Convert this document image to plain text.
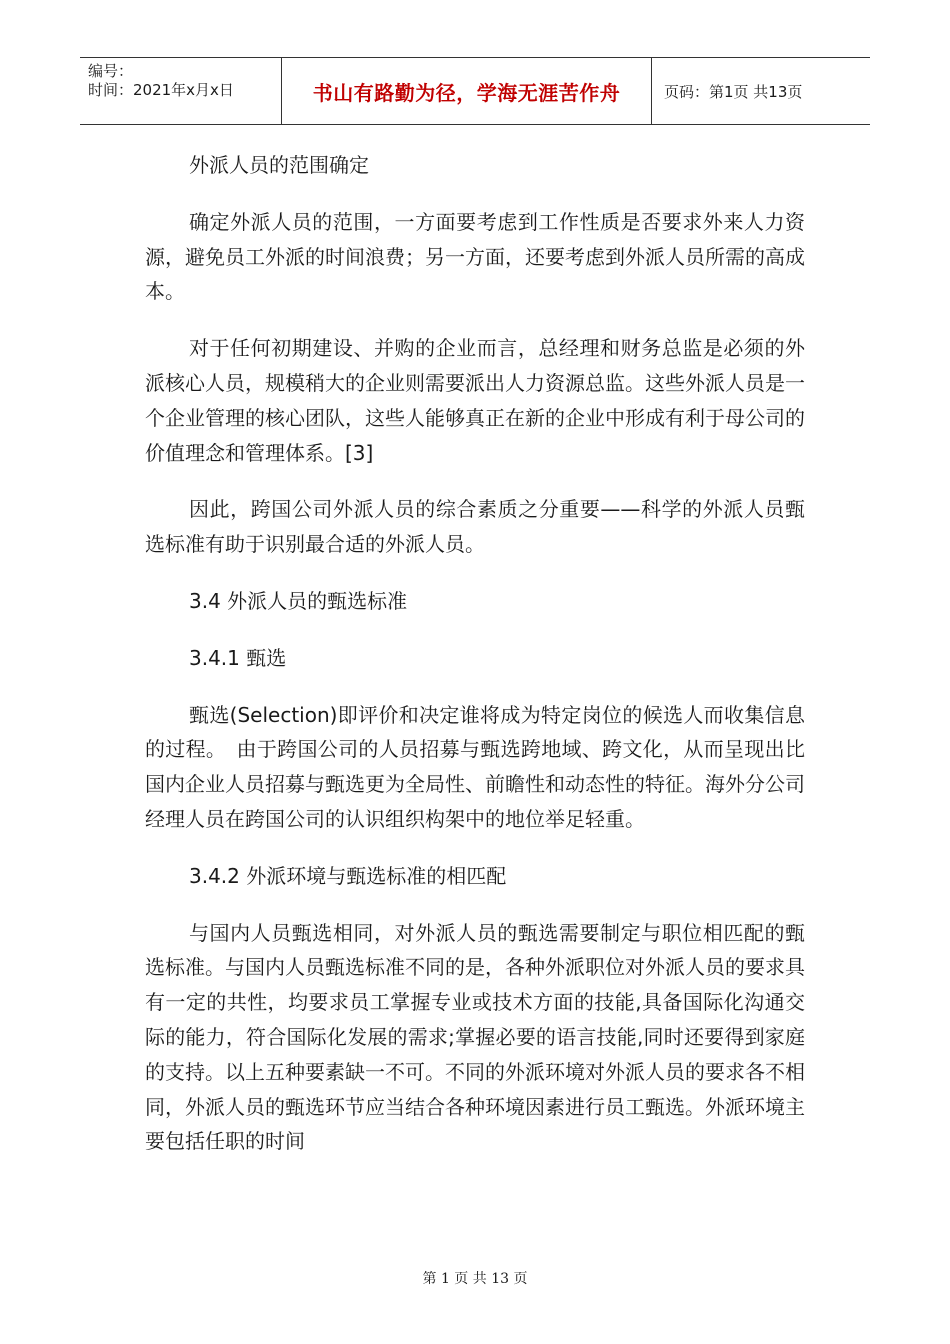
编号：
时间：2021年x月x日	书山有路勤为径，学海无涯苦作舟	页码：第1页 共13页

外派人员的范围确定

确定外派人员的范围，一方面要考虑到工作性质是否要求外来人力资源，避免员工外派的时间浪费；另一方面，还要考虑到外派人员所需的高成本。

对于任何初期建设、并购的企业而言，总经理和财务总监是必须的外派核心人员，规模稍大的企业则需要派出人力资源总监。这些外派人员是一个企业管理的核心团队，这些人能够真正在新的企业中形成有利于母公司的价值理念和管理体系。[3]

因此，跨国公司外派人员的综合素质之分重要——科学的外派人员甄选标准有助于识别最合适的外派人员。

3.4 外派人员的甄选标准

3.4.1 甄选

甄选(Selection)即评价和决定谁将成为特定岗位的候选人而收集信息的过程。　由于跨国公司的人员招募与甄选跨地域、跨文化，从而呈现出比国内企业人员招募与甄选更为全局性、前瞻性和动态性的特征。海外分公司经理人员在跨国公司的认识组织构架中的地位举足轻重。

3.4.2 外派环境与甄选标准的相匹配

与国内人员甄选相同，对外派人员的甄选需要制定与职位相匹配的甄选标准。与国内人员甄选标准不同的是，各种外派职位对外派人员的要求具有一定的共性，均要求员工掌握专业或技术方面的技能,具备国际化沟通交际的能力，符合国际化发展的需求;掌握必要的语言技能,同时还要得到家庭的支持。以上五种要素缺一不可。不同的外派环境对外派人员的要求各不相同，外派人员的甄选环节应当结合各种环境因素进行员工甄选。外派环境主要包括任职的时间

第 1 页 共 13 页
